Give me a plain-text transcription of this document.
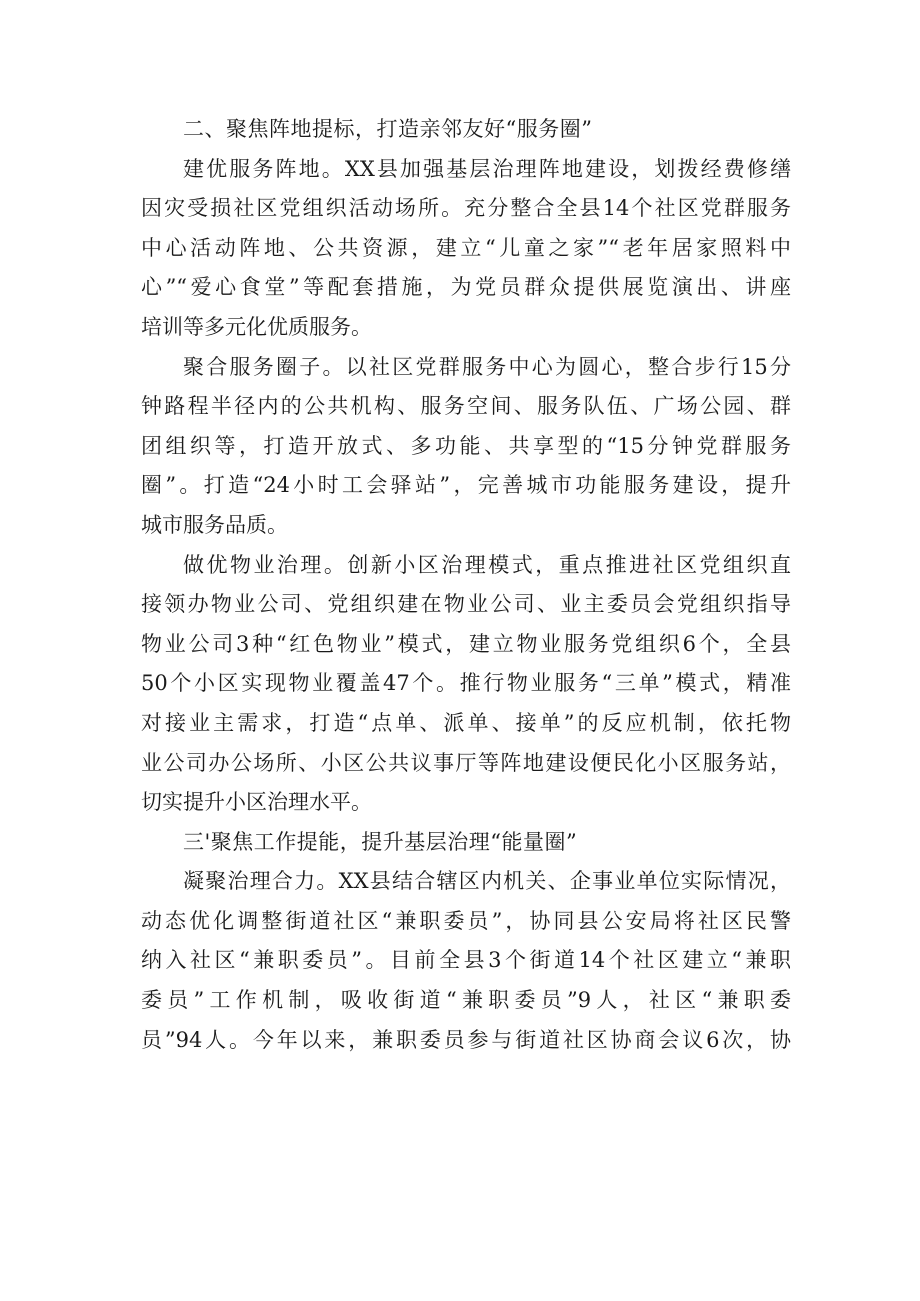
二、聚焦阵地提标，打造亲邻友好“服务圈”
建优服务阵地。XX县加强基层治理阵地建设，划拨经费修缮
因灾受损社区党组织活动场所。充分整合全县14个社区党群服务
中心活动阵地、公共资源，建立“儿童之家”“老年居家照料中
心”“爱心食堂”等配套措施，为党员群众提供展览演出、讲座
培训等多元化优质服务。
聚合服务圈子。以社区党群服务中心为圆心，整合步行15分
钟路程半径内的公共机构、服务空间、服务队伍、广场公园、群
团组织等，打造开放式、多功能、共享型的“15分钟党群服务
圈”。打造“24小时工会驿站”，完善城市功能服务建设，提升
城市服务品质。
做优物业治理。创新小区治理模式，重点推进社区党组织直
接领办物业公司、党组织建在物业公司、业主委员会党组织指导
物业公司3种“红色物业”模式，建立物业服务党组织6个，全县
50个小区实现物业覆盖47个。推行物业服务“三单”模式，精准
对接业主需求，打造“点单、派单、接单”的反应机制，依托物
业公司办公场所、小区公共议事厅等阵地建设便民化小区服务站，
切实提升小区治理水平。
三'聚焦工作提能，提升基层治理“能量圈”
凝聚治理合力。XX县结合辖区内机关、企事业单位实际情况，
动态优化调整街道社区“兼职委员”，协同县公安局将社区民警
纳入社区“兼职委员”。目前全县3个街道14个社区建立“兼职
委员”工作机制，吸收街道“兼职委员”9人，社区“兼职委
员”94人。今年以来，兼职委员参与街道社区协商会议6次，协
